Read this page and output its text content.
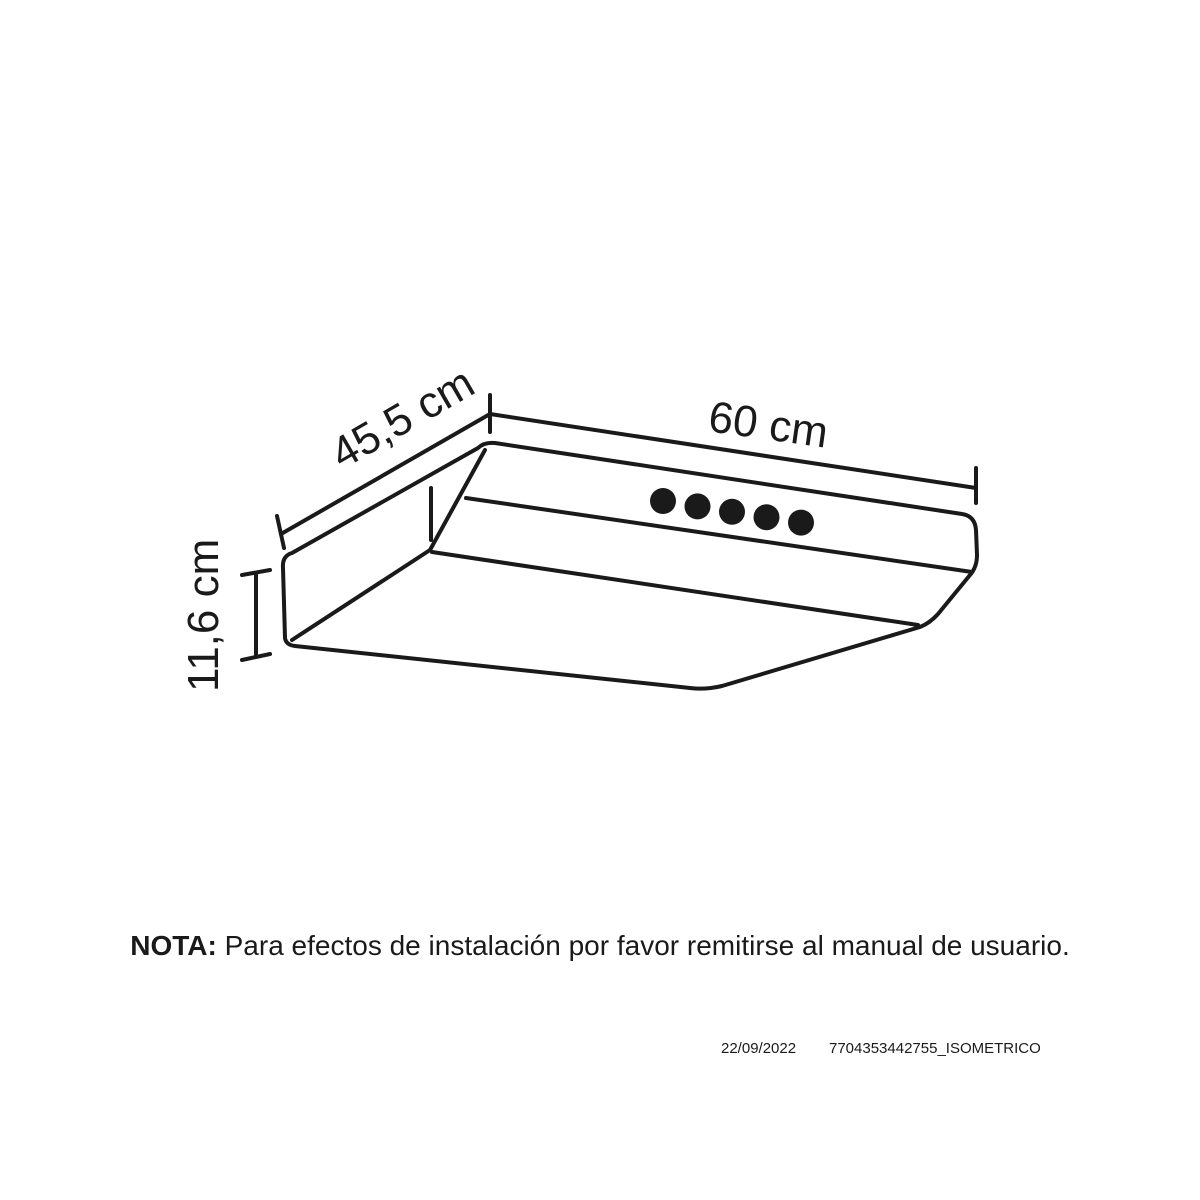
45,5 cm	60 cm
11,6 cm
NOTA: Para efectos de instalación por favor remitirse al manual de usuario.
22/09/2022 7704353442755_ISOMETRICO
